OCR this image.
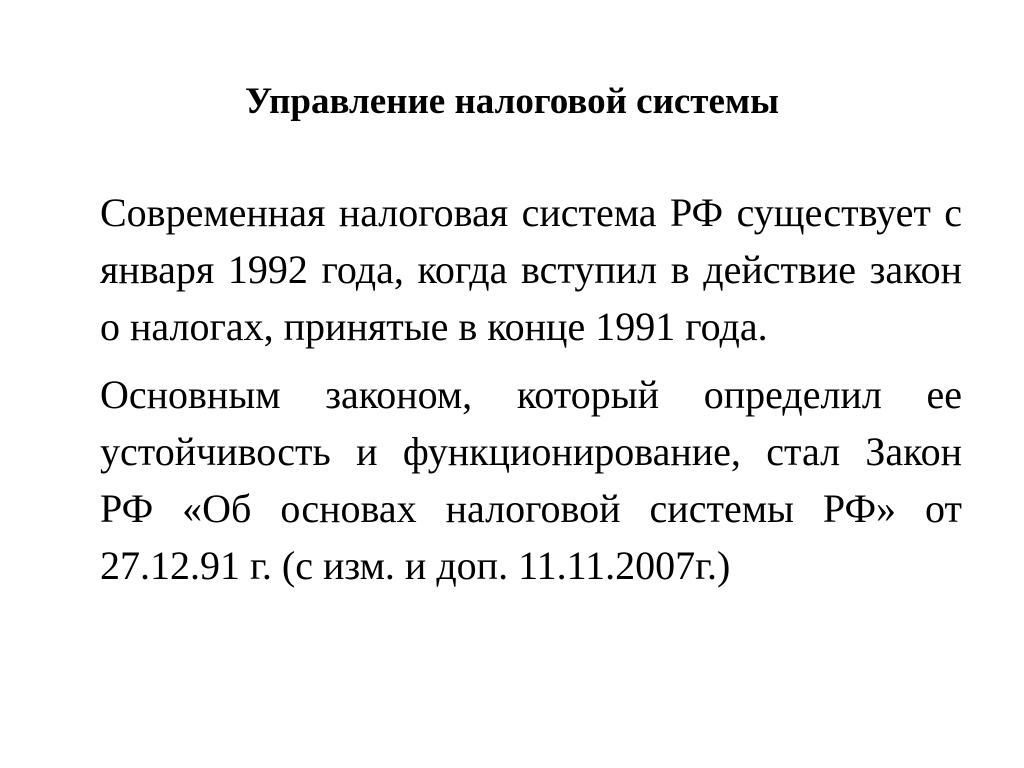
Управление налоговой системы

Современная налоговая система РФ существует с января 1992 года, когда вступил в действие закон о налогах, принятые в конце 1991 года.

Основным законом, который определил ее устойчивость и функционирование, стал Закон РФ «Об основах налоговой системы РФ» от 27.12.91 г. (с изм. и доп. 11.11.2007г.)
